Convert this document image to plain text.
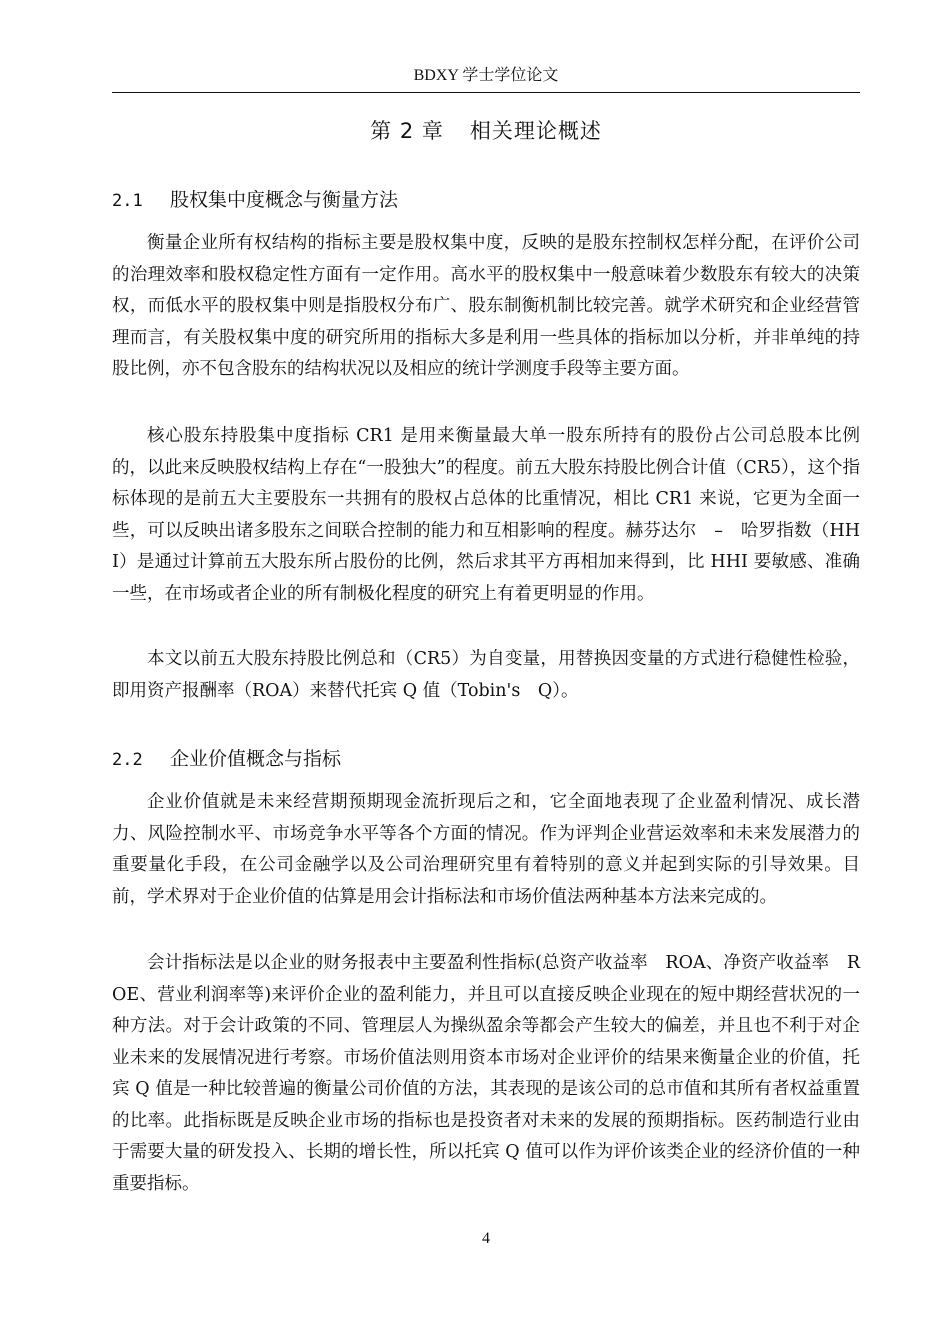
BDXY 学士学位论文
第 2 章 相关理论概述
2.1 股权集中度概念与衡量方法

衡量企业所有权结构的指标主要是股权集中度，反映的是股东控制权怎样分配，在评价公司的治理效率和股权稳定性方面有一定作用。高水平的股权集中一般意味着少数股东有较大的决策权，而低水平的股权集中则是指股权分布广、股东制衡机制比较完善。就学术研究和企业经营管理而言，有关股权集中度的研究所用的指标大多是利用一些具体的指标加以分析，并非单纯的持股比例，亦不包含股东的结构状况以及相应的统计学测度手段等主要方面。

核心股东持股集中度指标 CR1 是用来衡量最大单一股东所持有的股份占公司总股本比例的，以此来反映股权结构上存在“一股独大”的程度。前五大股东持股比例合计值（CR5），这个指标体现的是前五大主要股东一共拥有的股权占总体的比重情况，相比 CR1 来说，它更为全面一些，可以反映出诸多股东之间联合控制的能力和互相影响的程度。赫芬达尔　–　哈罗指数（HHI）是通过计算前五大股东所占股份的比例，然后求其平方再相加来得到，比 HHI 要敏感、准确一些，在市场或者企业的所有制极化程度的研究上有着更明显的作用。

本文以前五大股东持股比例总和（CR5）为自变量，用替换因变量的方式进行稳健性检验，即用资产报酬率（ROA）来替代托宾 Q 值（Tobin's　Q）。

2.2 企业价值概念与指标

企业价值就是未来经营期预期现金流折现后之和，它全面地表现了企业盈利情况、成长潜力、风险控制水平、市场竞争水平等各个方面的情况。作为评判企业营运效率和未来发展潜力的重要量化手段，在公司金融学以及公司治理研究里有着特别的意义并起到实际的引导效果。目前，学术界对于企业价值的估算是用会计指标法和市场价值法两种基本方法来完成的。

会计指标法是以企业的财务报表中主要盈利性指标(总资产收益率　ROA、净资产收益率　ROE、营业利润率等)来评价企业的盈利能力，并且可以直接反映企业现在的短中期经营状况的一种方法。对于会计政策的不同、管理层人为操纵盈余等都会产生较大的偏差，并且也不利于对企业未来的发展情况进行考察。市场价值法则用资本市场对企业评价的结果来衡量企业的价值，托宾 Q 值是一种比较普遍的衡量公司价值的方法，其表现的是该公司的总市值和其所有者权益重置的比率。此指标既是反映企业市场的指标也是投资者对未来的发展的预期指标。医药制造行业由于需要大量的研发投入、长期的增长性，所以托宾 Q 值可以作为评价该类企业的经济价值的一种重要指标。

4
